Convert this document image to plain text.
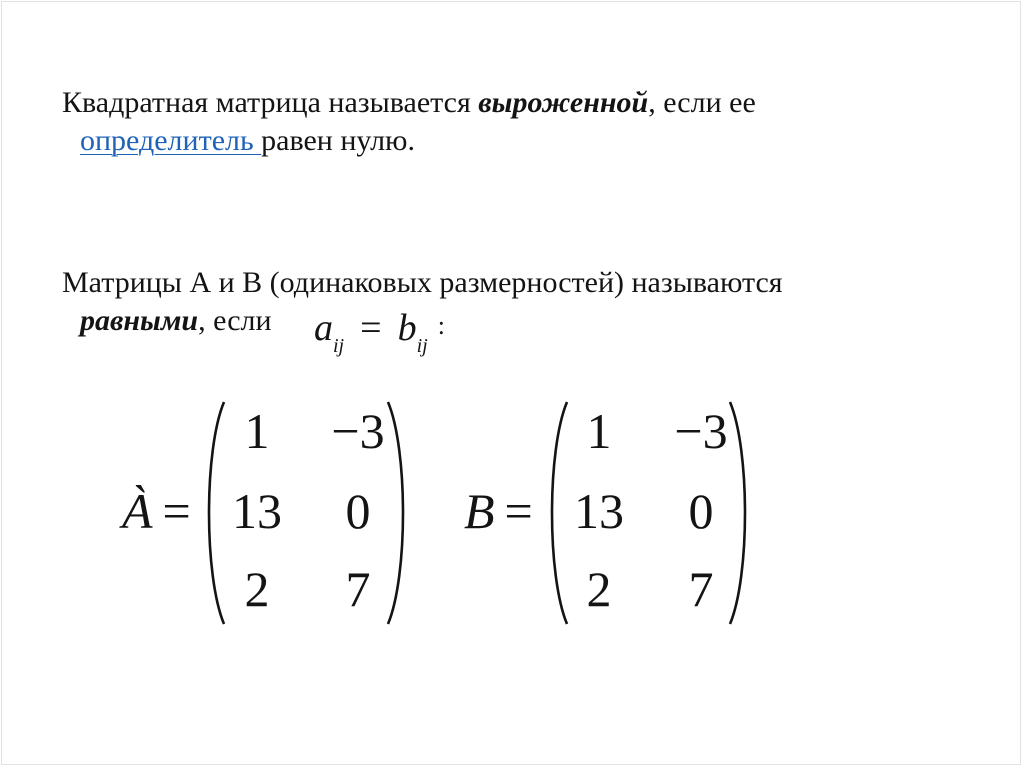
Квадратная матрица называется выроженной, если ее
определитель равен нулю.
Матрицы А и В (одинаковых размерностей) называются
равными, если	$a_{ij} = b_{ij}$:
À =
1	−3
13	0
2	7
B =
1	−3
13	0
2	7
